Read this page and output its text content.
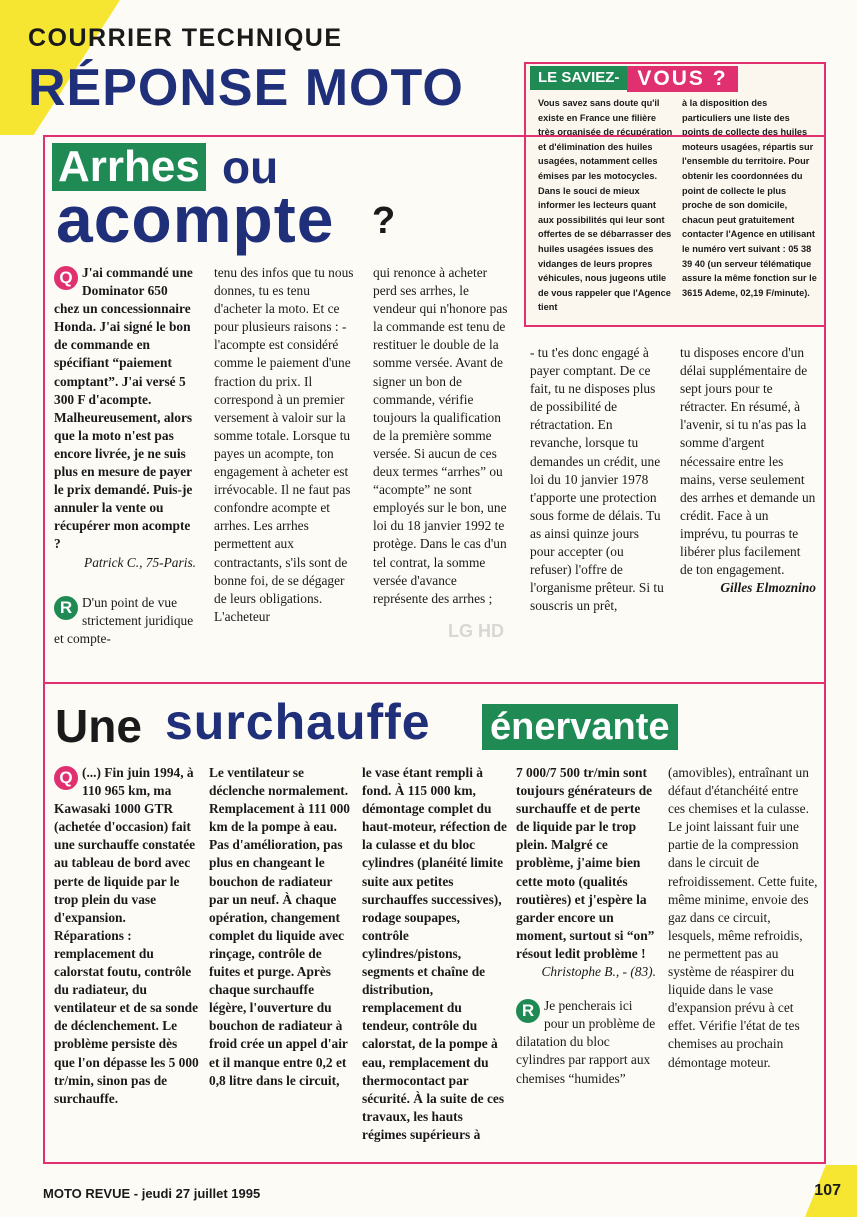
COURRIER TECHNIQUE
RÉPONSE MOTO	LE SAVIEZ- VOUS ?

Vous savez sans doute qu'il existe en France une filière très organisée de récupération et d'élimination des huiles usagées, notamment celles émises par les motocycles. Dans le souci de mieux informer les lecteurs quant aux possibilités qui leur sont offertes de se débarrasser des huiles usagées issues des vidanges de leurs propres véhicules, nous jugeons utile de vous rappeler que l'Agence tient

à la disposition des particuliers une liste des points de collecte des huiles moteurs usagées, répartis sur l'ensemble du territoire. Pour obtenir les coordonnées du point de collecte le plus proche de son domicile, chacun peut gratuitement contacter l'Agence en utilisant le numéro vert suivant : 05 38 39 40 (un serveur télématique assure la même fonction sur le 3615 Ademe, 02,19 F/minute).

Arrhes ou
acompte ?
Q J'ai commandé une Dominator 650 chez un concessionnaire Honda. J'ai signé le bon de commande en spécifiant “paiement comptant”. J'ai versé 5 300 F d'acompte. Malheureusement, alors que la moto n'est pas encore livrée, je ne suis plus en mesure de payer le prix demandé. Puis-je annuler la vente ou récupérer mon acompte ?

Patrick C., 75-Paris.

R D'un point de vue strictement juridique et compte-

tenu des infos que tu nous donnes, tu es tenu d'acheter la moto. Et ce pour plusieurs raisons : - l'acompte est considéré comme le paiement d'une fraction du prix. Il correspond à un premier versement à valoir sur la somme totale. Lorsque tu payes un acompte, ton engagement à acheter est irrévocable. Il ne faut pas confondre acompte et arrhes. Les arrhes permettent aux contractants, s'ils sont de bonne foi, de se dégager de leurs obligations. L'acheteur

qui renonce à acheter perd ses arrhes, le vendeur qui n'honore pas la commande est tenu de restituer le double de la somme versée. Avant de signer un bon de commande, vérifie toujours la qualification de la première somme versée. Si aucun de ces deux termes “arrhes” ou “acompte” ne sont employés sur le bon, une loi du 18 janvier 1992 te protège. Dans le cas d'un tel contrat, la somme versée d'avance représente des arrhes ;

- tu t'es donc engagé à payer comptant. De ce fait, tu ne disposes plus de possibilité de rétractation. En revanche, lorsque tu demandes un crédit, une loi du 10 janvier 1978 t'apporte une protection sous forme de délais. Tu as ainsi quinze jours pour accepter (ou refuser) l'offre de l'organisme prêteur. Si tu souscris un prêt,

tu disposes encore d'un délai supplémentaire de sept jours pour te rétracter. En résumé, à l'avenir, si tu n'as pas la somme d'argent nécessaire entre les mains, verse seulement des arrhes et demande un crédit. Face à un imprévu, tu pourras te libérer plus facilement de ton engagement.

Gilles Elmoznino

LG HD
Une surchauffe énervante
Q (...) Fin juin 1994, à 110 965 km, ma Kawasaki 1000 GTR (achetée d'occasion) fait une surchauffe constatée au tableau de bord avec perte de liquide par le trop plein du vase d'expansion. Réparations : remplacement du calorstat foutu, contrôle du radiateur, du ventilateur et de sa sonde de déclenchement. Le problème persiste dès que l'on dépasse les 5 000 tr/min, sinon pas de surchauffe.

Le ventilateur se déclenche normalement. Remplacement à 111 000 km de la pompe à eau. Pas d'amélioration, pas plus en changeant le bouchon de radiateur par un neuf. À chaque opération, changement complet du liquide avec rinçage, contrôle de fuites et purge. Après chaque surchauffe légère, l'ouverture du bouchon de radiateur à froid crée un appel d'air et il manque entre 0,2 et 0,8 litre dans le circuit,

le vase étant rempli à fond. À 115 000 km, démontage complet du haut-moteur, réfection de la culasse et du bloc cylindres (planéité limite suite aux petites surchauffes successives), rodage soupapes, contrôle cylindres/pistons, segments et chaîne de distribution, remplacement du tendeur, contrôle du calorstat, de la pompe à eau, remplacement du thermocontact par sécurité. À la suite de ces travaux, les hauts régimes supérieurs à

7 000/7 500 tr/min sont toujours générateurs de surchauffe et de perte de liquide par le trop plein. Malgré ce problème, j'aime bien cette moto (qualités routières) et j'espère la garder encore un moment, surtout si “on” résout ledit problème !

Christophe B., - (83).

R Je pencherais ici pour un problème de dilatation du bloc cylindres par rapport aux chemises “humides”

(amovibles), entraînant un défaut d'étanchéité entre ces chemises et la culasse. Le joint laissant fuir une partie de la compression dans le circuit de refroidissement. Cette fuite, même minime, envoie des gaz dans ce circuit, lesquels, même refroidis, ne permettent pas au système de réaspirer du liquide dans le vase d'expansion prévu à cet effet. Vérifie l'état de tes chemises au prochain démontage moteur.

MOTO REVUE - jeudi 27 juillet 1995	107
